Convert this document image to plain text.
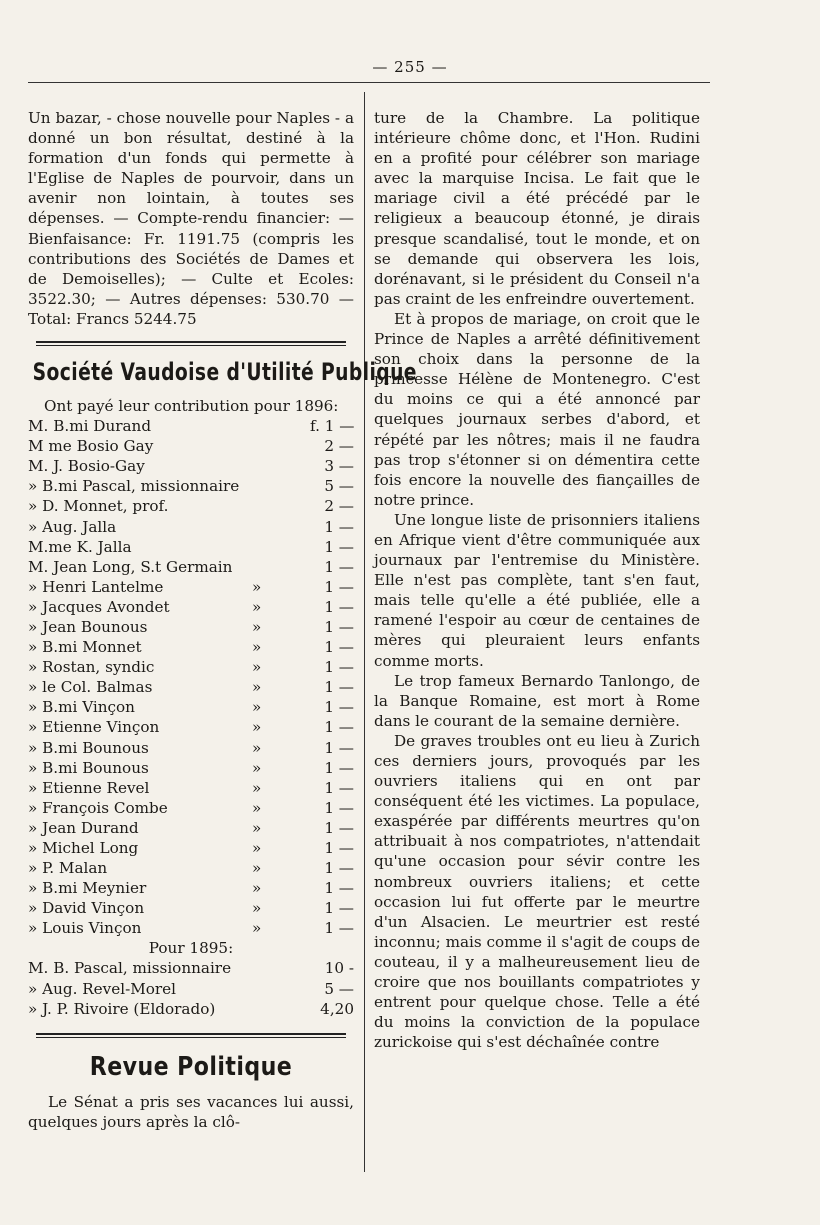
— 255 —

Un bazar, - chose nouvelle pour Naples - a donné un bon résultat, destiné à la formation d'un fonds qui permette à l'Eglise de Naples de pourvoir, dans un avenir non lointain, à toutes ses dépenses. — Compte-rendu financier: —Bienfaisance: Fr. 1191.75 (compris les contributions des Sociétés de Dames et de Demoiselles); — Culte et Ecoles: 3522.30; — Autres dépenses: 530.70 — Total: Francs 5244.75

Société Vaudoise d'Utilité Publique

Ont payé leur contribution pour 1896:

M. B.mi Durand	f. 1 —
M me Bosio Gay	2 —
M. J. Bosio-Gay	3 —
» B.mi Pascal, missionnaire	5 —
» D. Monnet, prof.	2 —
» Aug. Jalla	1 —
M.me K. Jalla	1 —
M. Jean Long, S.t Germain	1 —
» Henri Lantelme	»	1 —
» Jacques Avondet	»	1 —
» Jean Bounous	»	1 —
» B.mi Monnet	»	1 —
» Rostan, syndic	»	1 —
» le Col. Balmas	»	1 —
» B.mi Vinçon	»	1 —
» Etienne Vinçon	»	1 —
» B.mi Bounous	»	1 —
» B.mi Bounous	»	1 —
» Etienne Revel	»	1 —
» François Combe	»	1 —
» Jean Durand	»	1 —
» Michel Long	»	1 —
» P. Malan	»	1 —
» B.mi Meynier	»	1 —
» David Vinçon	»	1 —
» Louis Vinçon	»	1 —
Pour 1895:
M. B. Pascal, missionnaire	10 -
» Aug. Revel-Morel	5 —
» J. P. Rivoire (Eldorado)	4,20
Revue Politique

Le Sénat a pris ses vacances lui aussi, quelques jours après la clô-

ture de la Chambre. La politique intérieure chôme donc, et l'Hon. Rudini en a profité pour célébrer son mariage avec la marquise Incisa. Le fait que le mariage civil a été précédé par le religieux a beaucoup étonné, je dirais presque scandalisé, tout le monde, et on se demande qui observera les lois, dorénavant, si le président du Conseil n'a pas craint de les enfreindre ouvertement.

Et à propos de mariage, on croit que le Prince de Naples a arrêté définitivement son choix dans la personne de la princesse Hélène de Montenegro. C'est du moins ce qui a été annoncé par quelques journaux serbes d'abord, et répété par les nôtres; mais il ne faudra pas trop s'étonner si on démentira cette fois encore la nouvelle des fiançailles de notre prince.

Une longue liste de prisonniers italiens en Afrique vient d'être communiquée aux journaux par l'entremise du Ministère. Elle n'est pas complète, tant s'en faut, mais telle qu'elle a été publiée, elle a ramené l'espoir au cœur de centaines de mères qui pleuraient leurs enfants comme morts.

Le trop fameux Bernardo Tanlongo, de la Banque Romaine, est mort à Rome dans le courant de la semaine dernière.

De graves troubles ont eu lieu à Zurich ces derniers jours, provoqués par les ouvriers italiens qui en ont par conséquent été les victimes. La populace, exaspérée par différents meurtres qu'on attribuait à nos compatriotes, n'attendait qu'une occasion pour sévir contre les nombreux ouvriers italiens; et cette occasion lui fut offerte par le meurtre d'un Alsacien. Le meurtrier est resté inconnu; mais comme il s'agit de coups de couteau, il y a malheureusement lieu de croire que nos bouillants compatriotes y entrent pour quelque chose. Telle a été du moins la conviction de la populace zurickoise qui s'est déchaînée contre
